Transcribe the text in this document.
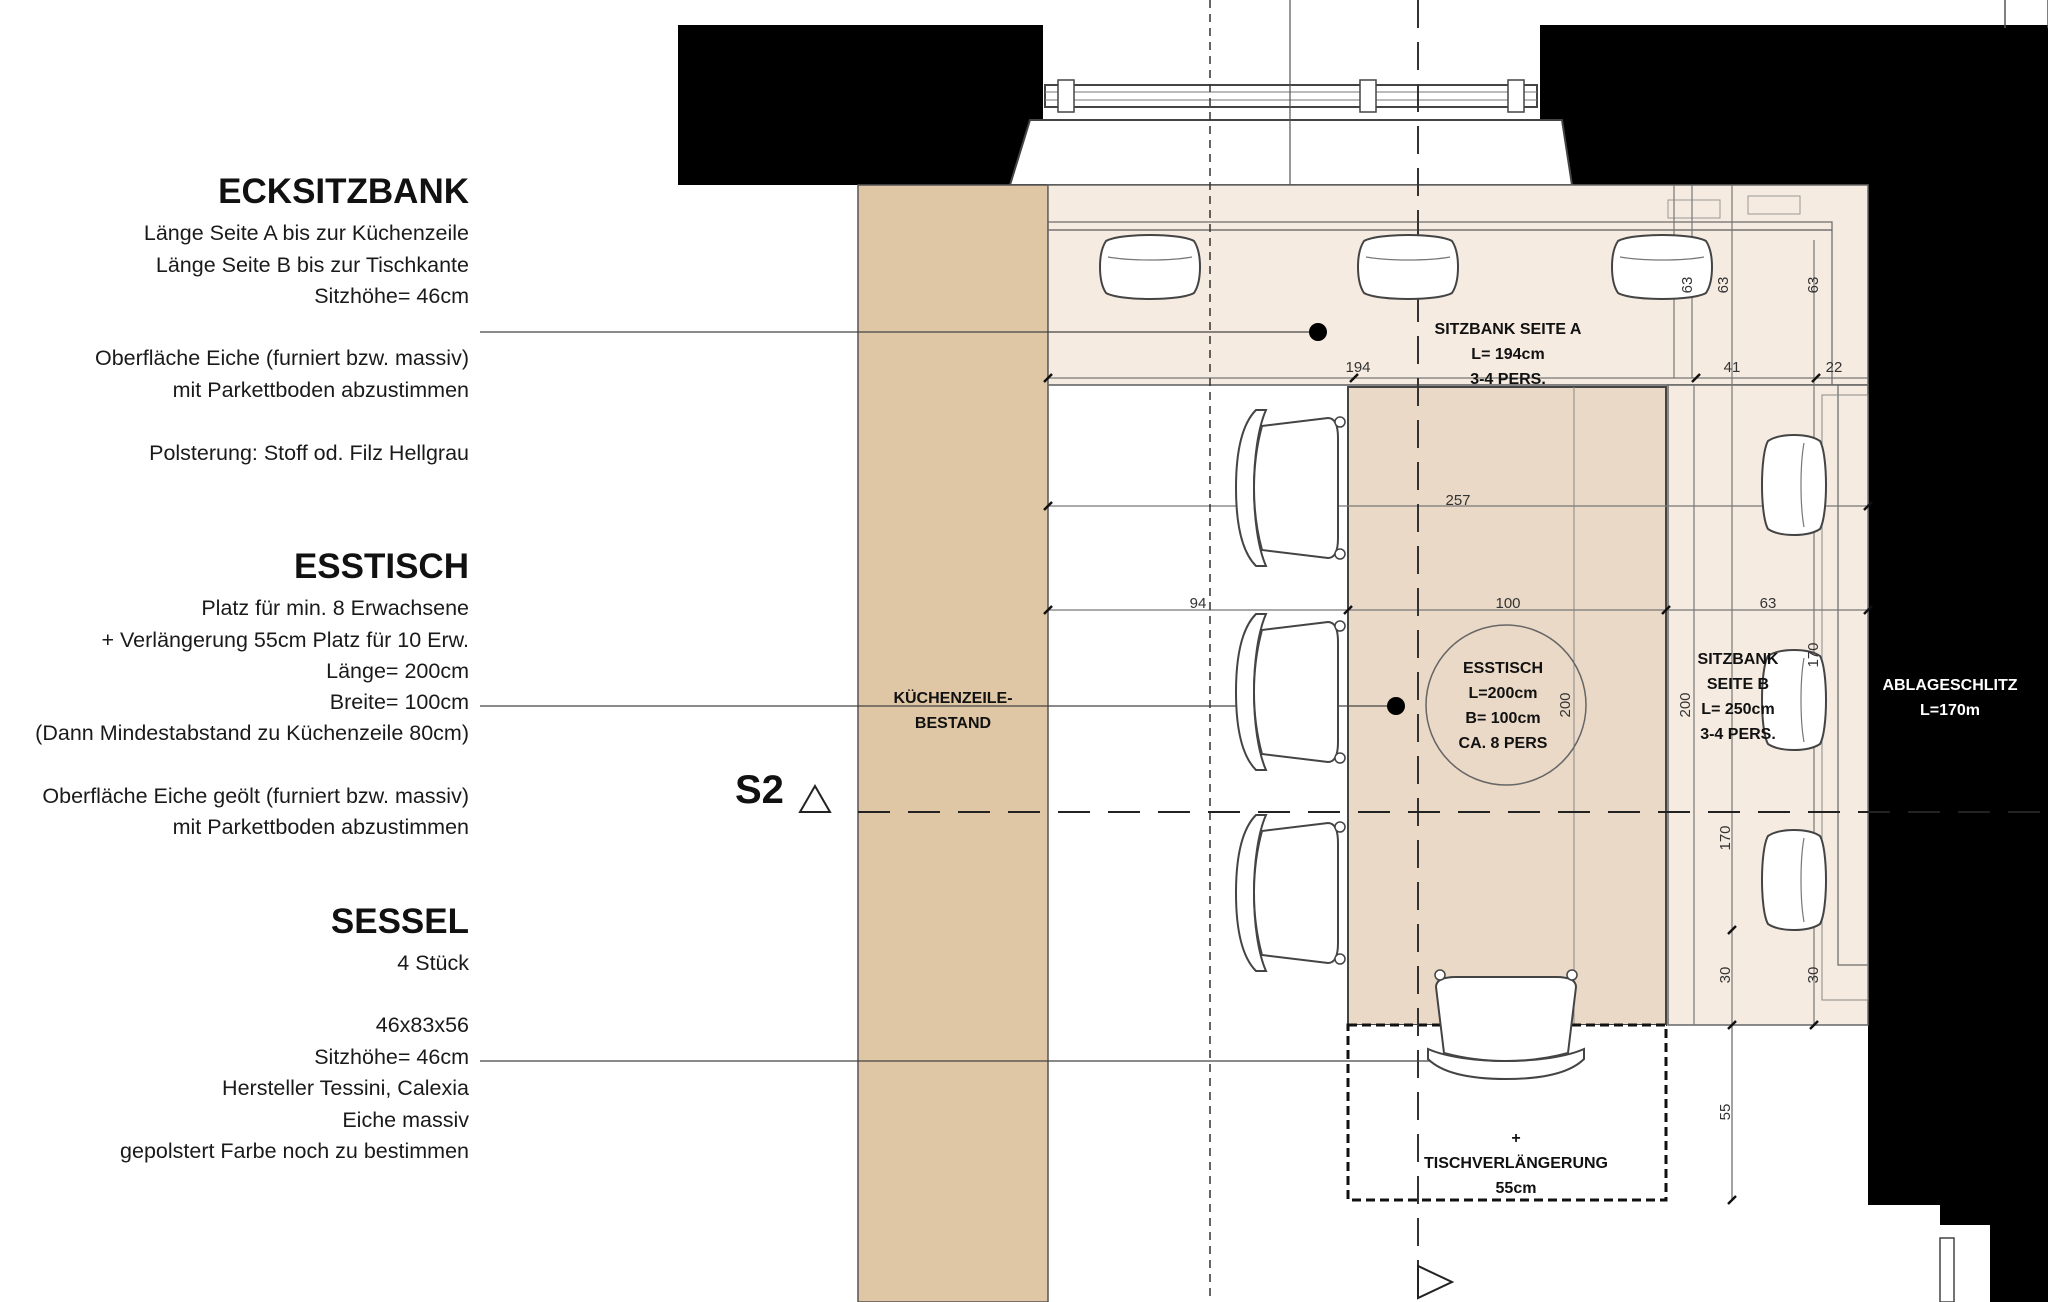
ECKSITZBANK
Länge Seite A bis zur Küchenzeile
Länge Seite B bis zur Tischkante
Sitzhöhe= 46cm
Oberfläche Eiche (furniert bzw. massiv)
mit Parkettboden abzustimmen
Polsterung: Stoff od. Filz Hellgrau
ESSTISCH
Platz für min. 8 Erwachsene
+ Verlängerung 55cm Platz für 10 Erw.
Länge= 200cm
Breite= 100cm
(Dann Mindestabstand zu Küchenzeile 80cm)
Oberfläche Eiche geölt (furniert bzw. massiv)
mit Parkettboden abzustimmen
SESSEL
4 Stück
46x83x56
Sitzhöhe= 46cm
Hersteller Tessini, Calexia
Eiche massiv
gepolstert Farbe noch zu bestimmen
S2
KÜCHENZEILE-
BESTAND
SITZBANK SEITE A
L= 194cm
3-4 PERS.
SITZBANK
SEITE B
L= 250cm
3-4 PERS.
ESSTISCH
L=200cm
B= 100cm
CA. 8 PERS
+
TISCHVERLÄNGERUNG
55cm
ABLAGESCHLITZ
L=170m
194	41	22
257
94	100	63
63 63	63
170
170
200
200
30	30
55
